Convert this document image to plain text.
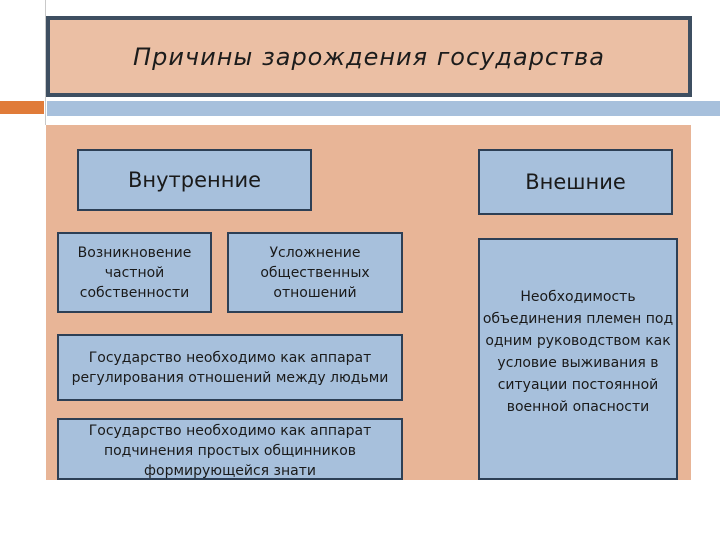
Причины зарождения государства
Внутренние	Внешние
Возникновение частной собственности
Усложнение общественных отношений
Государство необходимо как аппарат регулирования отношений между людьми
Государство необходимо как аппарат подчинения простых общинников формирующейся знати
Необходимость объединения племен под одним руководством как условие выживания в ситуации постоянной военной опасности
